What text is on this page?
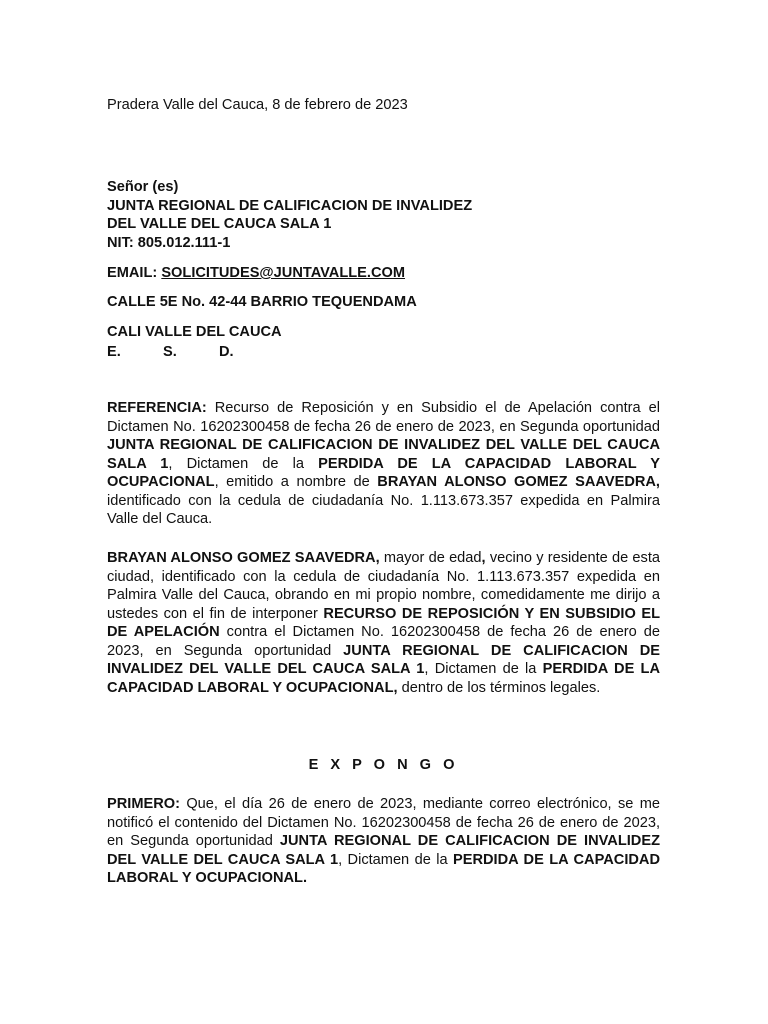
Pradera Valle del Cauca, 8 de febrero de 2023
Señor (es)
JUNTA REGIONAL DE CALIFICACION DE INVALIDEZ
DEL VALLE DEL CAUCA SALA 1
NIT: 805.012.111-1
EMAIL: SOLICITUDES@JUNTAVALLE.COM
CALLE 5E No. 42-44 BARRIO TEQUENDAMA
CALI VALLE DEL CAUCA
E.	S.	D.
REFERENCIA: Recurso de Reposición y en Subsidio el de Apelación contra el Dictamen No. 16202300458 de fecha 26 de enero de 2023, en Segunda oportunidad JUNTA REGIONAL DE CALIFICACION DE INVALIDEZ DEL VALLE DEL CAUCA SALA 1, Dictamen de la PERDIDA DE LA CAPACIDAD LABORAL Y OCUPACIONAL, emitido a nombre de BRAYAN ALONSO GOMEZ SAAVEDRA, identificado con la cedula de ciudadanía No. 1.113.673.357 expedida en Palmira Valle del Cauca.
BRAYAN ALONSO GOMEZ SAAVEDRA, mayor de edad, vecino y residente de esta ciudad, identificado con la cedula de ciudadanía No. 1.113.673.357 expedida en Palmira Valle del Cauca, obrando en mi propio nombre, comedidamente me dirijo a ustedes con el fin de interponer RECURSO DE REPOSICIÓN Y EN SUBSIDIO EL DE APELACIÓN contra el Dictamen No. 16202300458 de fecha 26 de enero de 2023, en Segunda oportunidad JUNTA REGIONAL DE CALIFICACION DE INVALIDEZ DEL VALLE DEL CAUCA SALA 1, Dictamen de la PERDIDA DE LA CAPACIDAD LABORAL Y OCUPACIONAL, dentro de los términos legales.
E X P O N G O
PRIMERO: Que, el día 26 de enero de 2023, mediante correo electrónico, se me notificó el contenido del Dictamen No. 16202300458 de fecha 26 de enero de 2023, en Segunda oportunidad JUNTA REGIONAL DE CALIFICACION DE INVALIDEZ DEL VALLE DEL CAUCA SALA 1, Dictamen de la PERDIDA DE LA CAPACIDAD LABORAL Y OCUPACIONAL.
